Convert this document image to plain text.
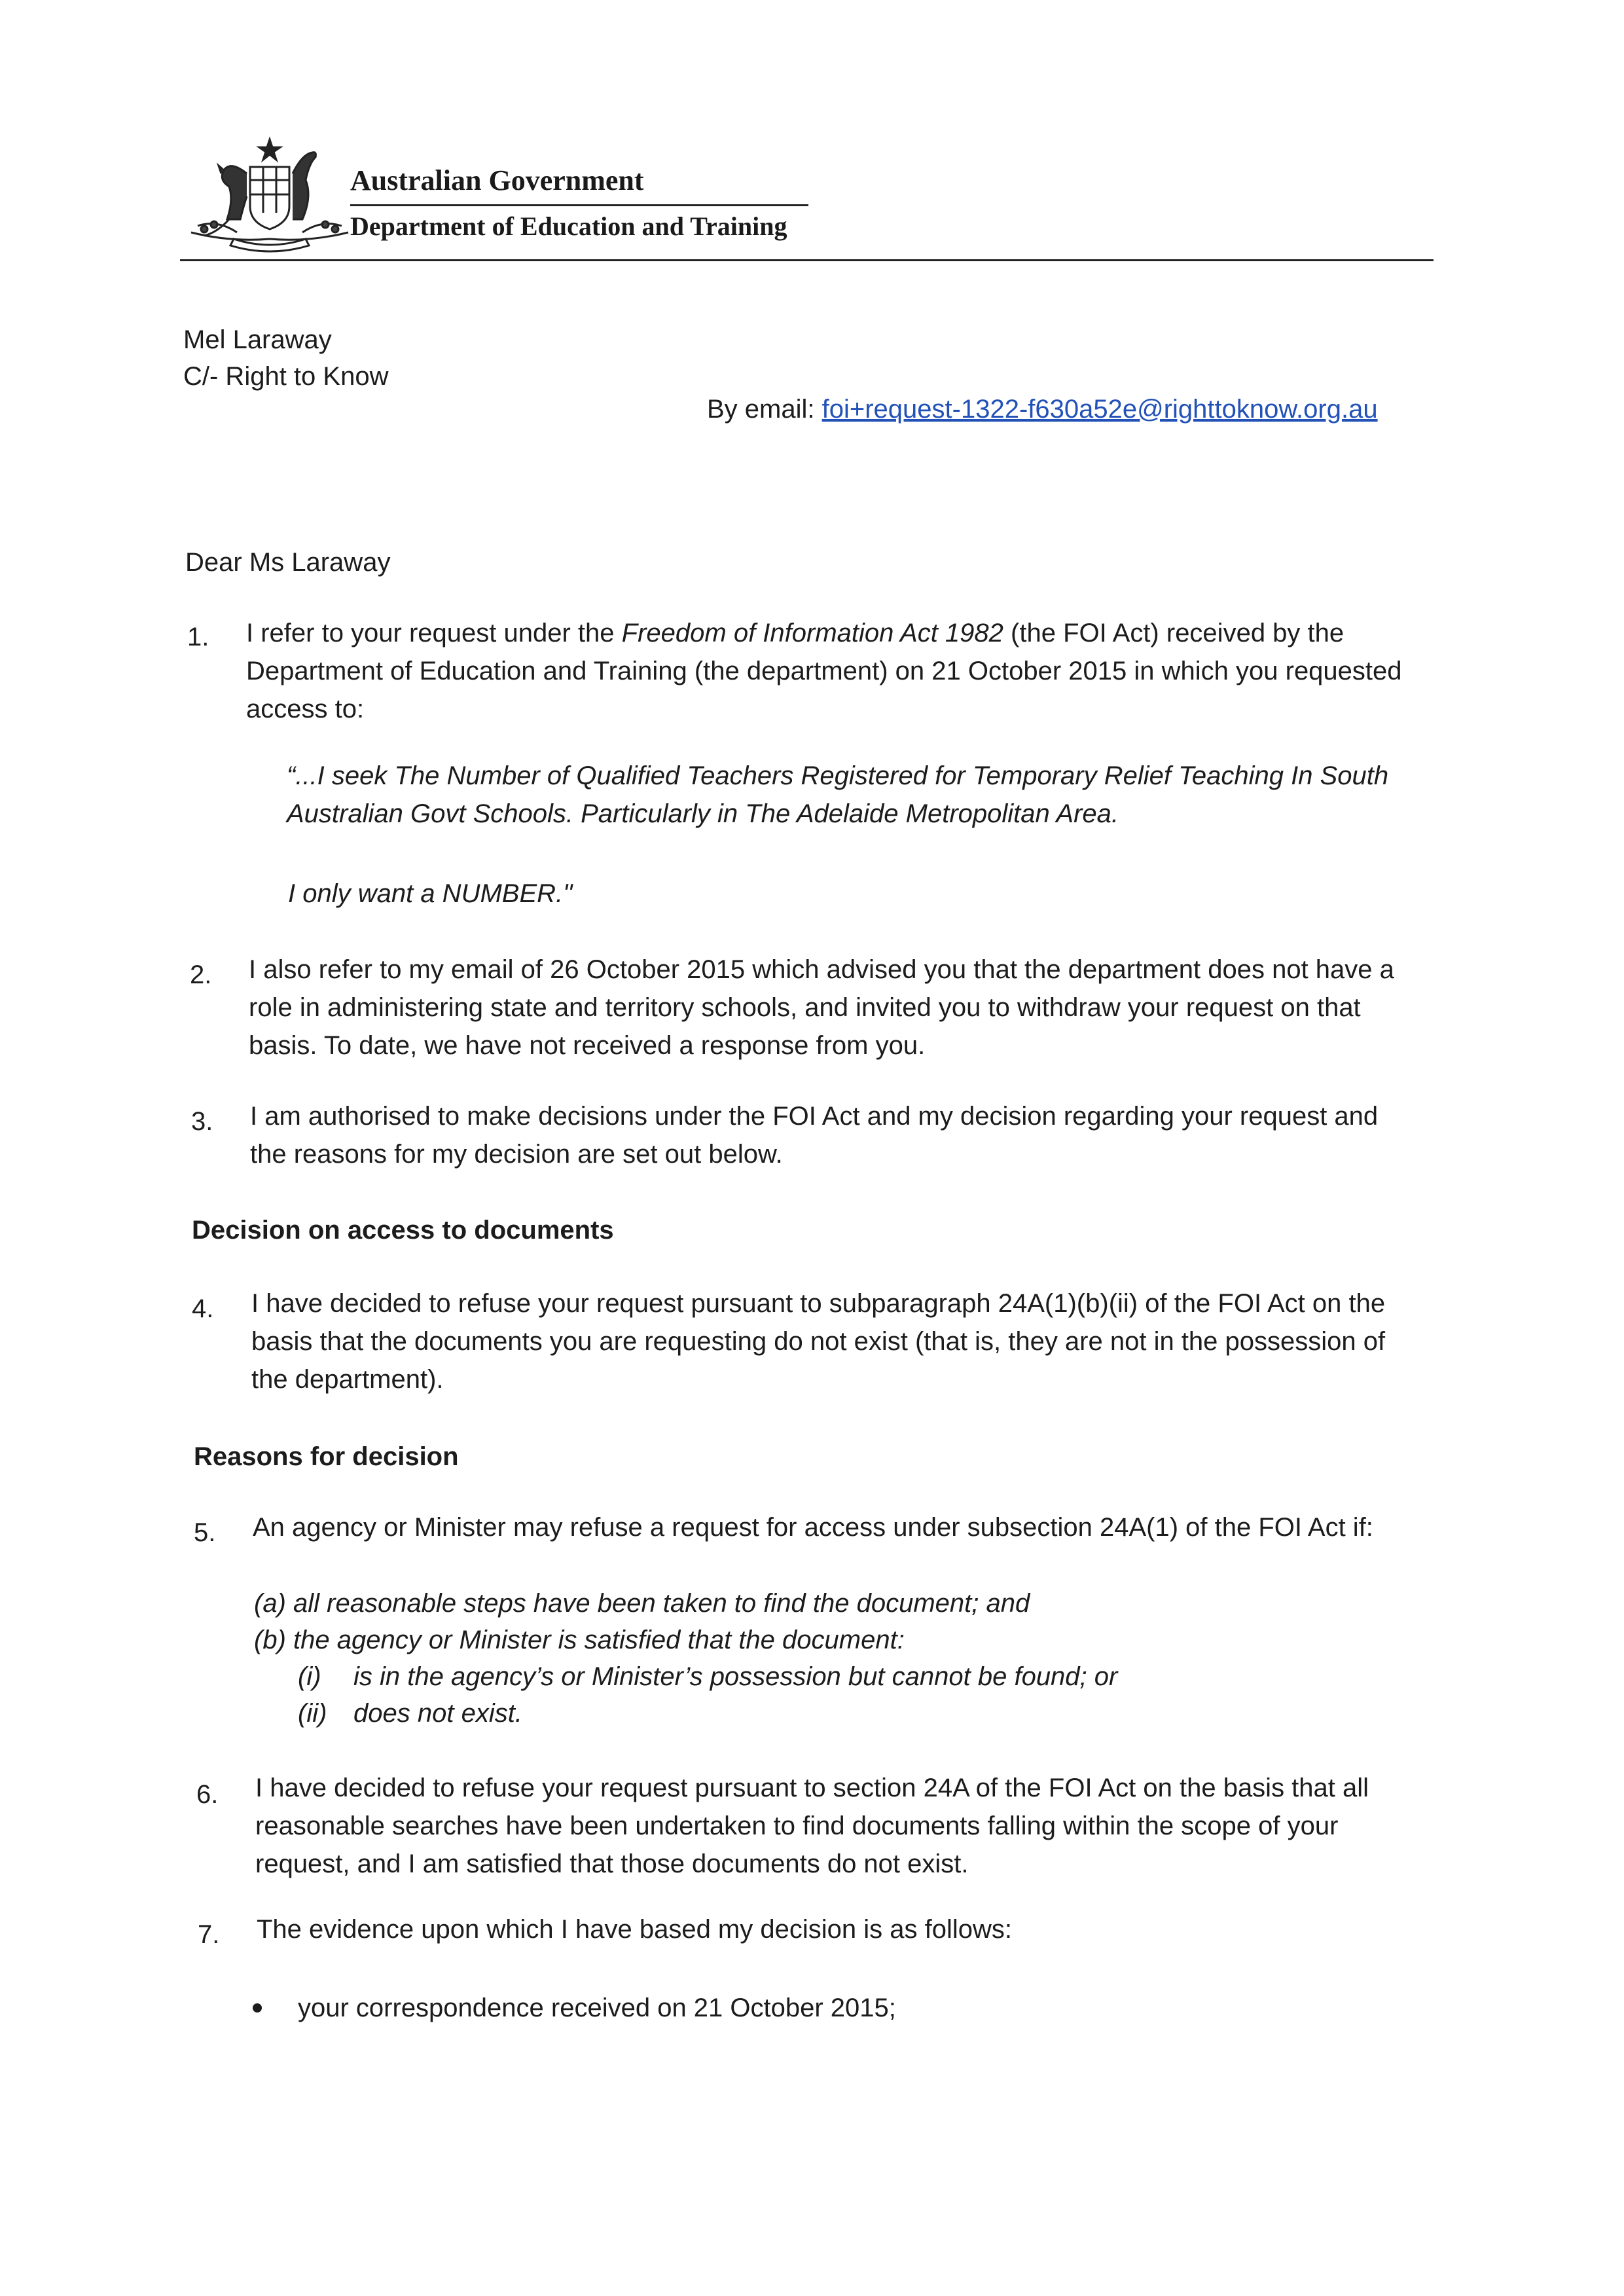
Australian Government
Department of Education and Training
Mel Laraway
C/- Right to Know
By email: foi+request-1322-f630a52e@righttoknow.org.au
Dear Ms Laraway
1. I refer to your request under the Freedom of Information Act 1982 (the FOI Act) received by the Department of Education and Training (the department) on 21 October 2015 in which you requested access to:
“...I seek The Number of Qualified Teachers Registered for Temporary Relief Teaching In South Australian Govt Schools. Particularly in The Adelaide Metropolitan Area.
I only want a NUMBER."
2. I also refer to my email of 26 October 2015 which advised you that the department does not have a role in administering state and territory schools, and invited you to withdraw your request on that basis. To date, we have not received a response from you.
3. I am authorised to make decisions under the FOI Act and my decision regarding your request and the reasons for my decision are set out below.
Decision on access to documents
4. I have decided to refuse your request pursuant to subparagraph 24A(1)(b)(ii) of the FOI Act on the basis that the documents you are requesting do not exist (that is, they are not in the possession of the department).
Reasons for decision
5. An agency or Minister may refuse a request for access under subsection 24A(1) of the FOI Act if:
(a) all reasonable steps have been taken to find the document; and
(b) the agency or Minister is satisfied that the document:
(i) is in the agency’s or Minister’s possession but cannot be found; or
(ii) does not exist.
6. I have decided to refuse your request pursuant to section 24A of the FOI Act on the basis that all reasonable searches have been undertaken to find documents falling within the scope of your request, and I am satisfied that those documents do not exist.
7. The evidence upon which I have based my decision is as follows:
your correspondence received on 21 October 2015;
